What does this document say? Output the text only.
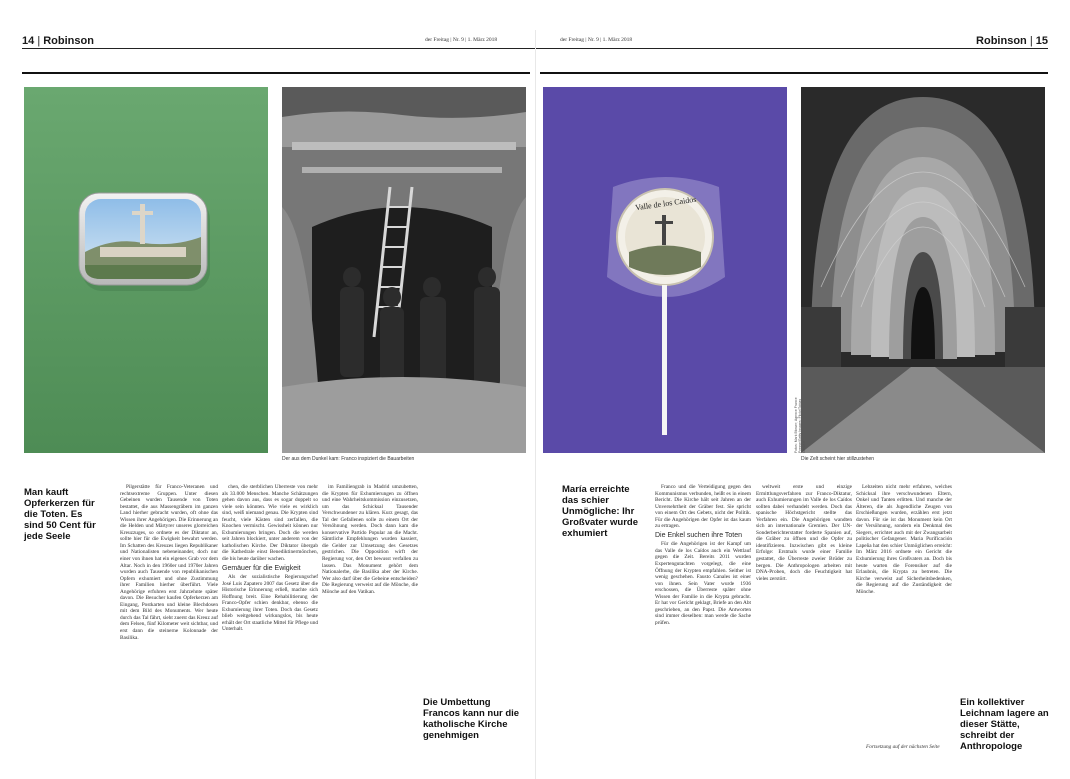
14 | Robinson	der Freitag | Nr. 9 | 1. März 2018	der Freitag | Nr. 9 | 1. März 2018	Robinson | 15
Der aus dem Dunkel kam: Franco inspiziert die Bauarbeiten
Valle de los Caidos
Fotos: Mark Blower; Agence France Presse/Getty Images; Flickr/Tobias Gerbert
Die Zelt scheint hier stillzustehen
Man kauft Opferkerzen für die Toten. Es sind 50 Cent für jede Seele
Die Umbettung Francos kann nur die katholische Kirche genehmigen
María erreichte das schier Unmögliche: Ihr Großvater wurde exhumiert
Ein kollektiver Leichnam lagere an dieser Stätte, schreibt der Anthropologe

Pilgerstätte für Franco-Veteranen und rechtsextreme Gruppen. Unter diesen Gebeinen wurden Tausende von Toten bestattet, die aus Massengräbern im ganzen Land hierher gebracht wurden, oft ohne das Wissen ihrer Angehörigen. Die Erinnerung an die Helden und Märtyrer unseres glorreichen Kreuzzuges, so ordnete es der Diktator an, sollte hier für die Ewigkeit bewahrt werden. Im Schatten des Kreuzes liegen Republikaner und Nationalisten nebeneinander, doch nur einer von ihnen hat ein eigenes Grab vor dem Altar. Noch in den 1960er und 1970er Jahren wurden auch Tausende von republikanischen Opfern exhumiert und ohne Zustimmung ihrer Familien hierher überführt. Viele Angehörige erfuhren erst Jahrzehnte später davon. Die Besucher kaufen Opferkerzen am Eingang, Postkarten und kleine Blechdosen mit dem Bild des Monuments. Wer heute durch das Tal fährt, sieht zuerst das Kreuz auf dem Felsen, fünf Kilometer weit sichtbar, und erst dann die steinerne Kolonnade der Basilika.

chen, die sterblichen Überreste von mehr als 33.000 Menschen. Manche Schätzungen gehen davon aus, dass es sogar doppelt so viele sein könnten. Wie viele es wirklich sind, weiß niemand genau. Die Krypten sind feucht, viele Kästen sind zerfallen, die Knochen vermischt. Gewissheit können nur Exhumierungen bringen. Doch die werden seit Jahren blockiert, unter anderem von der katholischen Kirche. Der Diktator übergab die Kathedrale einst Benediktinermönchen, die bis heute darüber wachen.

Gemäuer für die Ewigkeit

Als der sozialistische Regierungschef José Luis Zapatero 2007 das Gesetz über die Historische Erinnerung erließ, machte sich Hoffnung breit. Eine Rehabilitierung der Franco-Opfer schien denkbar, ebenso die Exhumierung ihrer Toten. Doch das Gesetz blieb weitgehend wirkungslos, bis heute erhält der Ort staatliche Mittel für Pflege und Unterhalt.

im Familiengrab in Madrid umzubetten, die Krypten für Exhumierungen zu öffnen und eine Wahrheitskommission einzusetzen, um das Schicksal Tausender Verschwundener zu klären. Kurz gesagt, das Tal der Gefallenen solle zu einem Ort der Versöhnung werden. Doch dann kam die konservative Partido Popular an die Macht. Sämtliche Empfehlungen wurden kassiert, die Gelder zur Umsetzung des Gesetzes gestrichen. Die Opposition wirft der Regierung vor, den Ort bewusst verfallen zu lassen. Das Monument gehört dem Nationalerbe, die Basilika aber der Kirche. Wer also darf über die Gebeine entscheiden? Die Regierung verweist auf die Mönche, die Mönche auf den Vatikan.

Franco und die Verteidigung gegen den Kommunismus verbunden, heißt es in einem Bericht. Die Kirche hält seit Jahren an der Unversehrtheit der Gräber fest. Sie spricht von einem Ort des Gebets, nicht der Politik. Für die Angehörigen der Opfer ist das kaum zu ertragen.

Die Enkel suchen ihre Toten

Für die Angehörigen ist der Kampf um das Valle de los Caídos auch ein Wettlauf gegen die Zeit. Bereits 2011 wurden Expertengutachten vorgelegt, die eine Öffnung der Krypten empfahlen. Seither ist wenig geschehen. Fausto Canales ist einer von ihnen. Sein Vater wurde 1936 erschossen, die Überreste später ohne Wissen der Familie in die Krypta gebracht. Er hat vor Gericht geklagt, Briefe an den Abt geschrieben, an den Papst. Die Antworten sind immer dieselben: man werde die Sache prüfen.

weltweit erste und einzige Ermittlungsverfahren zur Franco-Diktatur, auch Exhumierungen im Valle de los Caídos sollten dabei verhandelt werden. Doch das spanische Höchstgericht stellte das Verfahren ein. Die Angehörigen wandten sich an internationale Gremien. Der UN-Sonderberichterstatter forderte Spanien auf, die Gräber zu öffnen und die Opfer zu identifizieren. Inzwischen gibt es kleine Erfolge: Erstmals wurde einer Familie gestattet, die Überreste zweier Brüder zu bergen. Die Anthropologen arbeiten mit DNA-Proben, doch die Feuchtigkeit hat vieles zerstört.

Lebzeiten nicht mehr erfahren, welches Schicksal ihre verschwundenen Eltern, Onkel und Tanten erlitten. Und manche der Älteren, die als Jugendliche Zeugen von Erschießungen wurden, erzählen erst jetzt davon. Für sie ist das Monument kein Ort der Versöhnung, sondern ein Denkmal des Siegers, errichtet auch mit der Zwangsarbeit politischer Gefangener. Maria Purificación Lapeña hat den schier Unmöglichen erreicht: Im März 2016 ordnete ein Gericht die Exhumierung ihres Großvaters an. Doch bis heute warten die Forensiker auf die Erlaubnis, die Krypta zu betreten. Die Kirche verweist auf Sicherheitsbedenken, die Regierung auf die Zuständigkeit der Mönche.

Fortsetzung auf der nächsten Seite
